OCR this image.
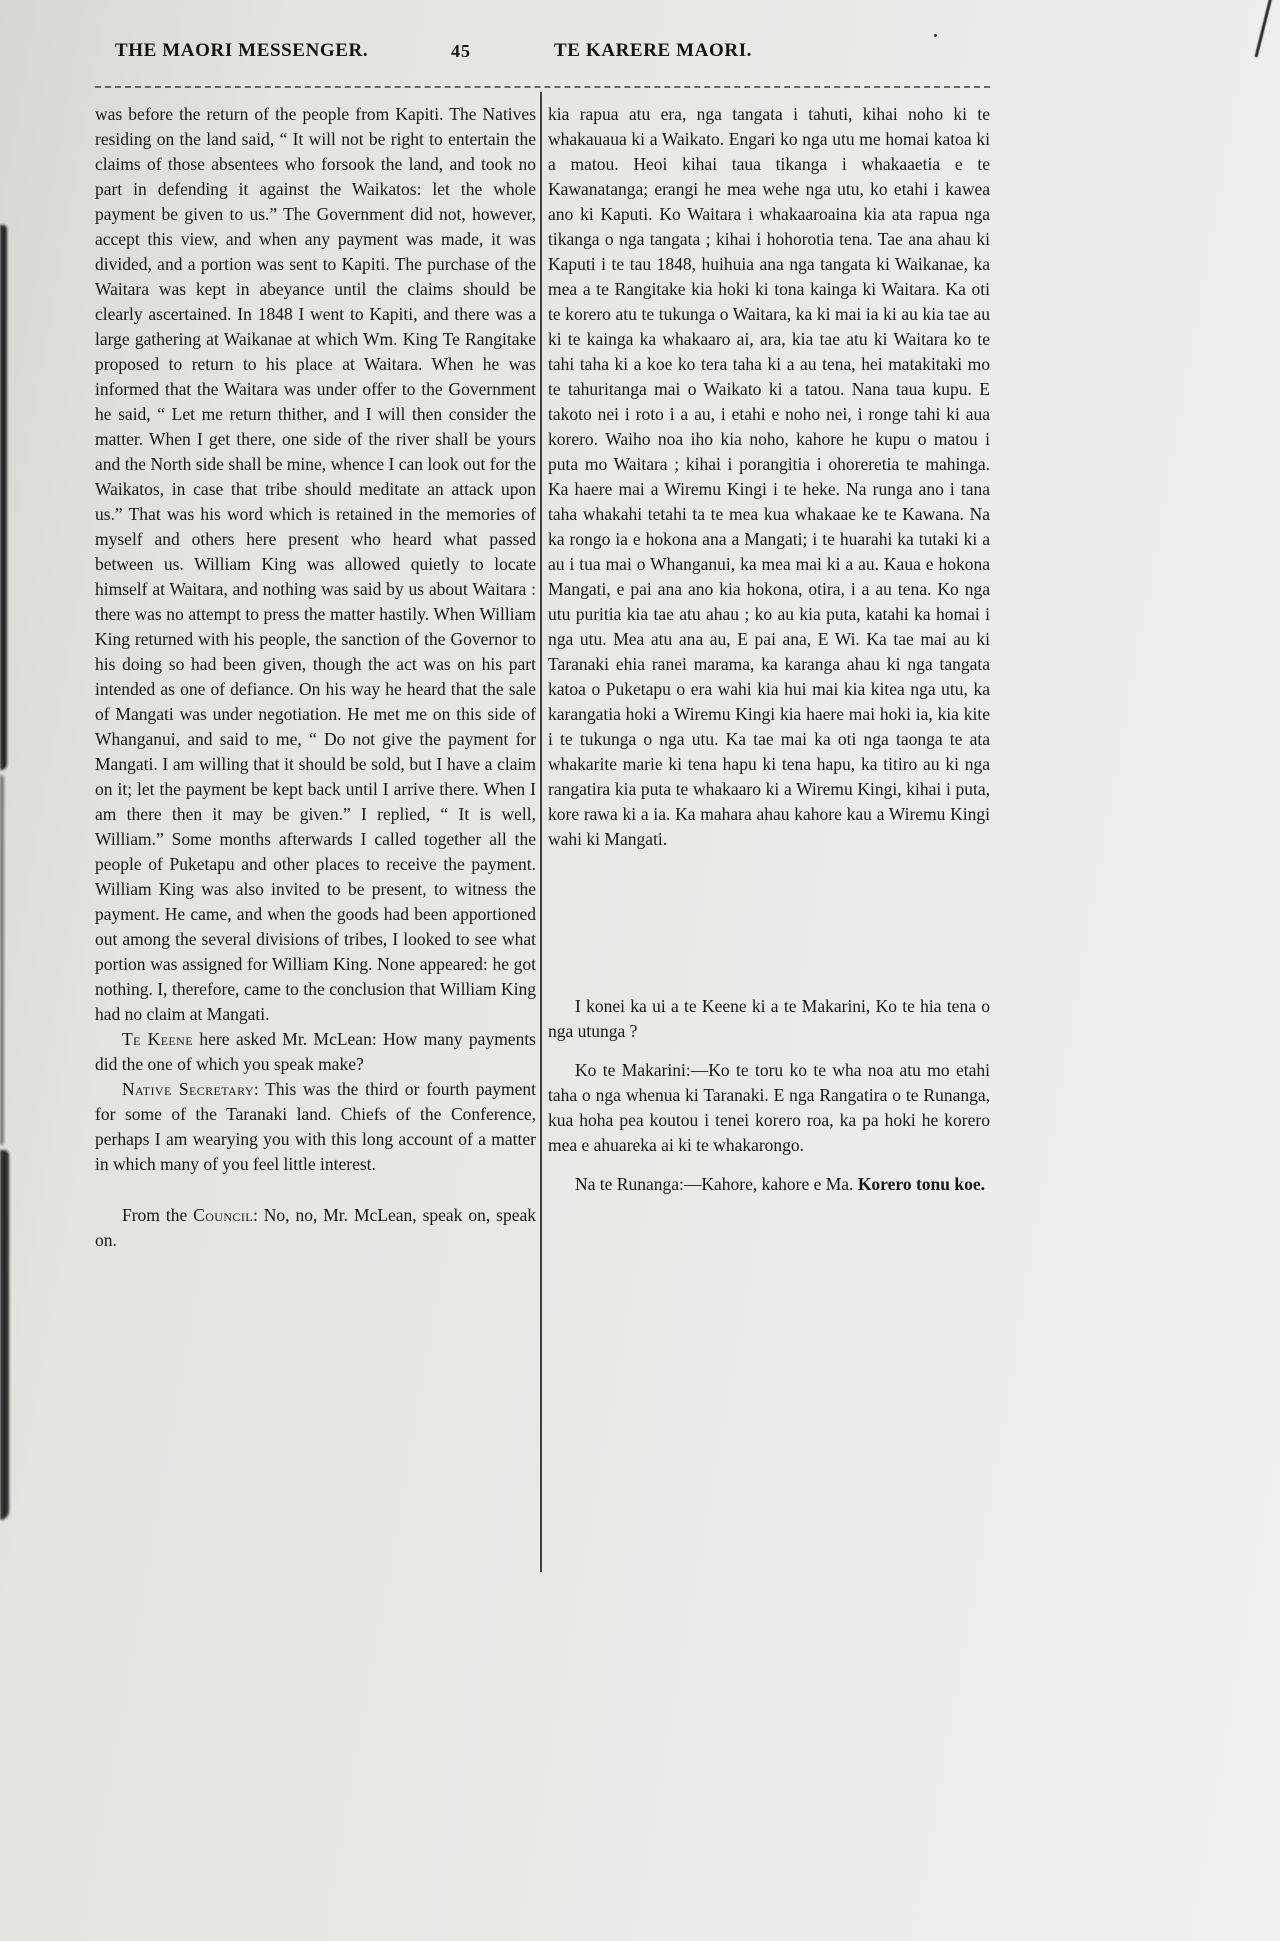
THE MAORI MESSENGER.	45	TE KARERE MAORI.

was before the return of the people from Kapiti. The Natives residing on the land said, “ It will not be right to entertain the claims of those absentees who forsook the land, and took no part in defending it against the Waikatos: let the whole payment be given to us.” The Government did not, however, accept this view, and when any payment was made, it was divided, and a portion was sent to Kapiti. The purchase of the Waitara was kept in abeyance until the claims should be clearly ascertained. In 1848 I went to Kapiti, and there was a large gathering at Waikanae at which Wm. King Te Rangitake proposed to return to his place at Waitara. When he was informed that the Waitara was under offer to the Government he said, “ Let me return thither, and I will then consider the matter. When I get there, one side of the river shall be yours and the North side shall be mine, whence I can look out for the Waikatos, in case that tribe should meditate an attack upon us.” That was his word which is retained in the memories of myself and others here present who heard what passed between us. William King was allowed quietly to locate himself at Waitara, and nothing was said by us about Waitara : there was no attempt to press the matter hastily. When William King returned with his people, the sanction of the Governor to his doing so had been given, though the act was on his part intended as one of defiance. On his way he heard that the sale of Mangati was under negotiation. He met me on this side of Whanganui, and said to me, “ Do not give the payment for Mangati. I am willing that it should be sold, but I have a claim on it; let the payment be kept back until I arrive there. When I am there then it may be given.” I replied, “ It is well, William.” Some months afterwards I called together all the people of Puketapu and other places to receive the payment. William King was also invited to be present, to witness the payment. He came, and when the goods had been apportioned out among the several divisions of tribes, I looked to see what portion was assigned for William King. None appeared: he got nothing. I, therefore, came to the conclusion that William King had no claim at Mangati.

Te Keene here asked Mr. McLean: How many payments did the one of which you speak make?

Native Secretary: This was the third or fourth payment for some of the Taranaki land. Chiefs of the Conference, perhaps I am wearying you with this long account of a matter in which many of you feel little interest.

From the Council: No, no, Mr. McLean, speak on, speak on.

kia rapua atu era, nga tangata i tahuti, kihai noho ki te whakauaua ki a Waikato. Engari ko nga utu me homai katoa ki a matou. Heoi kihai taua tikanga i whakaaetia e te Kawanatanga; erangi he mea wehe nga utu, ko etahi i kawea ano ki Kaputi. Ko Waitara i whakaaroaina kia ata rapua nga tikanga o nga tangata ; kihai i hohorotia tena. Tae ana ahau ki Kaputi i te tau 1848, huihuia ana nga tangata ki Waikanae, ka mea a te Rangitake kia hoki ki tona kainga ki Waitara. Ka oti te korero atu te tukunga o Waitara, ka ki mai ia ki au kia tae au ki te kainga ka whakaaro ai, ara, kia tae atu ki Waitara ko te tahi taha ki a koe ko tera taha ki a au tena, hei matakitaki mo te tahuritanga mai o Waikato ki a tatou. Nana taua kupu. E takoto nei i roto i a au, i etahi e noho nei, i ronge tahi ki aua korero. Waiho noa iho kia noho, kahore he kupu o matou i puta mo Waitara ; kihai i porangitia i ohoreretia te mahinga. Ka haere mai a Wiremu Kingi i te heke. Na runga ano i tana taha whakahi tetahi ta te mea kua whakaae ke te Kawana. Na ka rongo ia e hokona ana a Mangati; i te huarahi ka tutaki ki a au i tua mai o Whanganui, ka mea mai ki a au. Kaua e hokona Mangati, e pai ana ano kia hokona, otira, i a au tena. Ko nga utu puritia kia tae atu ahau ; ko au kia puta, katahi ka homai i nga utu. Mea atu ana au, E pai ana, E Wi. Ka tae mai au ki Taranaki ehia ranei marama, ka karanga ahau ki nga tangata katoa o Puketapu o era wahi kia hui mai kia kitea nga utu, ka karangatia hoki a Wiremu Kingi kia haere mai hoki ia, kia kite i te tukunga o nga utu. Ka tae mai ka oti nga taonga te ata whakarite marie ki tena hapu ki tena hapu, ka titiro au ki nga rangatira kia puta te whakaaro ki a Wiremu Kingi, kihai i puta, kore rawa ki a ia. Ka mahara ahau kahore kau a Wiremu Kingi wahi ki Mangati.

I konei ka ui a te Keene ki a te Makarini, Ko te hia tena o nga utunga ?

Ko te Makarini:—Ko te toru ko te wha noa atu mo etahi taha o nga whenua ki Taranaki. E nga Rangatira o te Runanga, kua hoha pea koutou i tenei korero roa, ka pa hoki he korero mea e ahuareka ai ki te whakarongo.

Na te Runanga:—Kahore, kahore e Ma. Korero tonu koe.
